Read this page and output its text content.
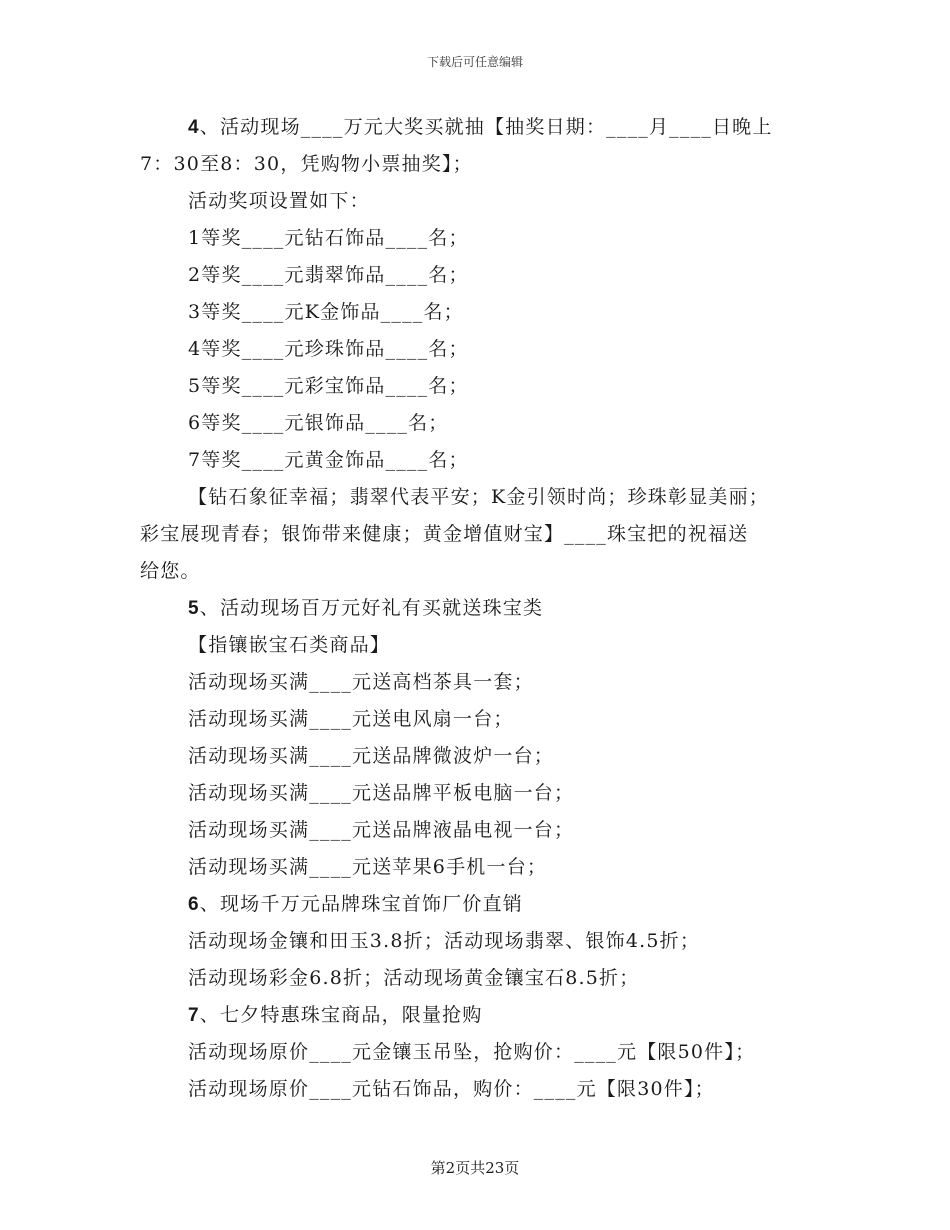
下载后可任意编辑
4、活动现场____万元大奖买就抽【抽奖日期：____月____日晚上
7：30至8：30，凭购物小票抽奖】；
活动奖项设置如下：
1等奖____元钻石饰品____名；
2等奖____元翡翠饰品____名；
3等奖____元K金饰品____名；
4等奖____元珍珠饰品____名；
5等奖____元彩宝饰品____名；
6等奖____元银饰品____名；
7等奖____元黄金饰品____名；
【钻石象征幸福；翡翠代表平安；K金引领时尚；珍珠彰显美丽；
彩宝展现青春；银饰带来健康；黄金增值财宝】____珠宝把的祝福送
给您。
5、活动现场百万元好礼有买就送珠宝类
【指镶嵌宝石类商品】
活动现场买满____元送高档茶具一套；
活动现场买满____元送电风扇一台；
活动现场买满____元送品牌微波炉一台；
活动现场买满____元送品牌平板电脑一台；
活动现场买满____元送品牌液晶电视一台；
活动现场买满____元送苹果6手机一台；
6、现场千万元品牌珠宝首饰厂价直销
活动现场金镶和田玉3.8折；活动现场翡翠、银饰4.5折；
活动现场彩金6.8折；活动现场黄金镶宝石8.5折；
7、七夕特惠珠宝商品，限量抢购
活动现场原价____元金镶玉吊坠，抢购价：____元【限50件】；
活动现场原价____元钻石饰品，购价：____元【限30件】；
第2页共23页
